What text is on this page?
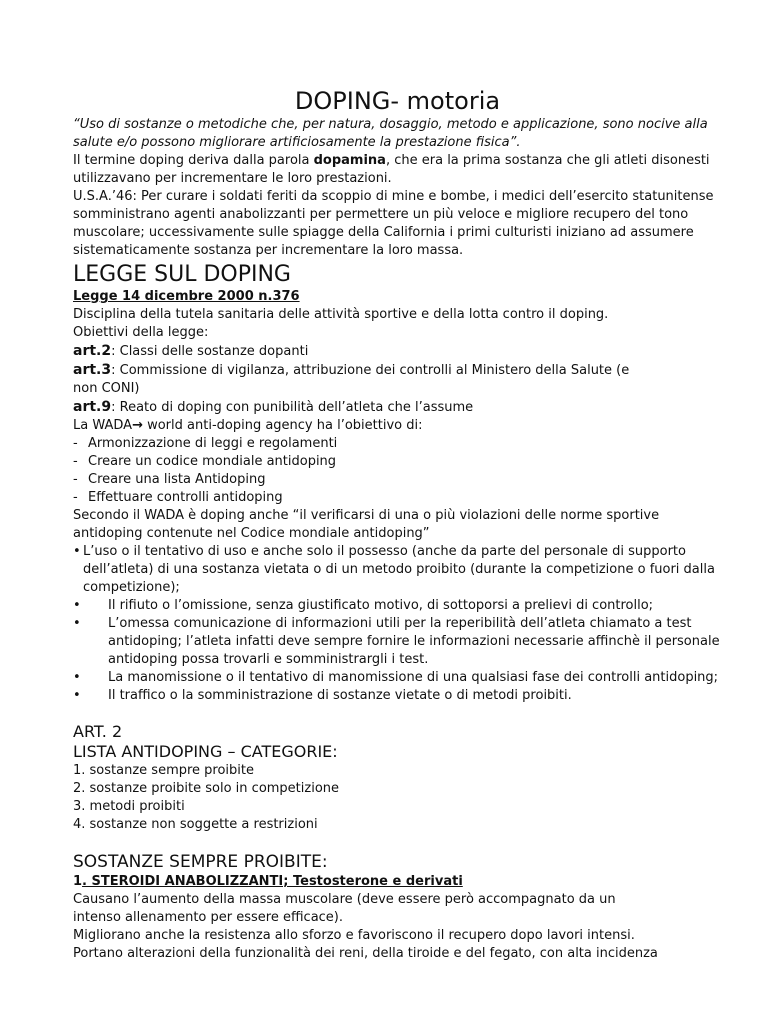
DOPING- motoria

“Uso di sostanze o metodiche che, per natura, dosaggio, metodo e applicazione, sono nocive alla

salute e/o possono migliorare artificiosamente la prestazione fisica”.

Il termine doping deriva dalla parola dopamina, che era la prima sostanza che gli atleti disonesti

utilizzavano per incrementare le loro prestazioni.

U.S.A.’46: Per curare i soldati feriti da scoppio di mine e bombe, i medici dell’esercito statunitense

somministrano agenti anabolizzanti per permettere un più veloce e migliore recupero del tono

muscolare; uccessivamente sulle spiagge della California i primi culturisti iniziano ad assumere

sistematicamente sostanza per incrementare la loro massa.

LEGGE SUL DOPING

Legge 14 dicembre 2000 n.376

Disciplina della tutela sanitaria delle attività sportive e della lotta contro il doping.

Obiettivi della legge:

art.2: Classi delle sostanze dopanti

art.3: Commissione di vigilanza, attribuzione dei controlli al Ministero della Salute (e

non CONI)

art.9: Reato di doping con punibilità dell’atleta che l’assume

La WADA→ world anti-doping agency ha l’obiettivo di:

- Armonizzazione di leggi e regolamenti

- Creare un codice mondiale antidoping

- Creare una lista Antidoping

- Effettuare controlli antidoping

Secondo il WADA è doping anche “il verificarsi di una o più violazioni delle norme sportive

antidoping contenute nel Codice mondiale antidoping”

• L’uso o il tentativo di uso e anche solo il possesso (anche da parte del personale di supporto

dell’atleta) di una sostanza vietata o di un metodo proibito (durante la competizione o fuori dalla

competizione);

• Il rifiuto o l’omissione, senza giustificato motivo, di sottoporsi a prelievi di controllo;

• L’omessa comunicazione di informazioni utili per la reperibilità dell’atleta chiamato a test

antidoping; l’atleta infatti deve sempre fornire le informazioni necessarie affinchè il personale

antidoping possa trovarli e somministrargli i test.

• La manomissione o il tentativo di manomissione di una qualsiasi fase dei controlli antidoping;

• Il traffico o la somministrazione di sostanze vietate o di metodi proibiti.

ART. 2

LISTA ANTIDOPING – CATEGORIE:

1. sostanze sempre proibite

2. sostanze proibite solo in competizione

3. metodi proibiti

4. sostanze non soggette a restrizioni

SOSTANZE SEMPRE PROIBITE:

1. STEROIDI ANABOLIZZANTI; Testosterone e derivati

Causano l’aumento della massa muscolare (deve essere però accompagnato da un

intenso allenamento per essere efficace).

Migliorano anche la resistenza allo sforzo e favoriscono il recupero dopo lavori intensi.

Portano alterazioni della funzionalità dei reni, della tiroide e del fegato, con alta incidenza
